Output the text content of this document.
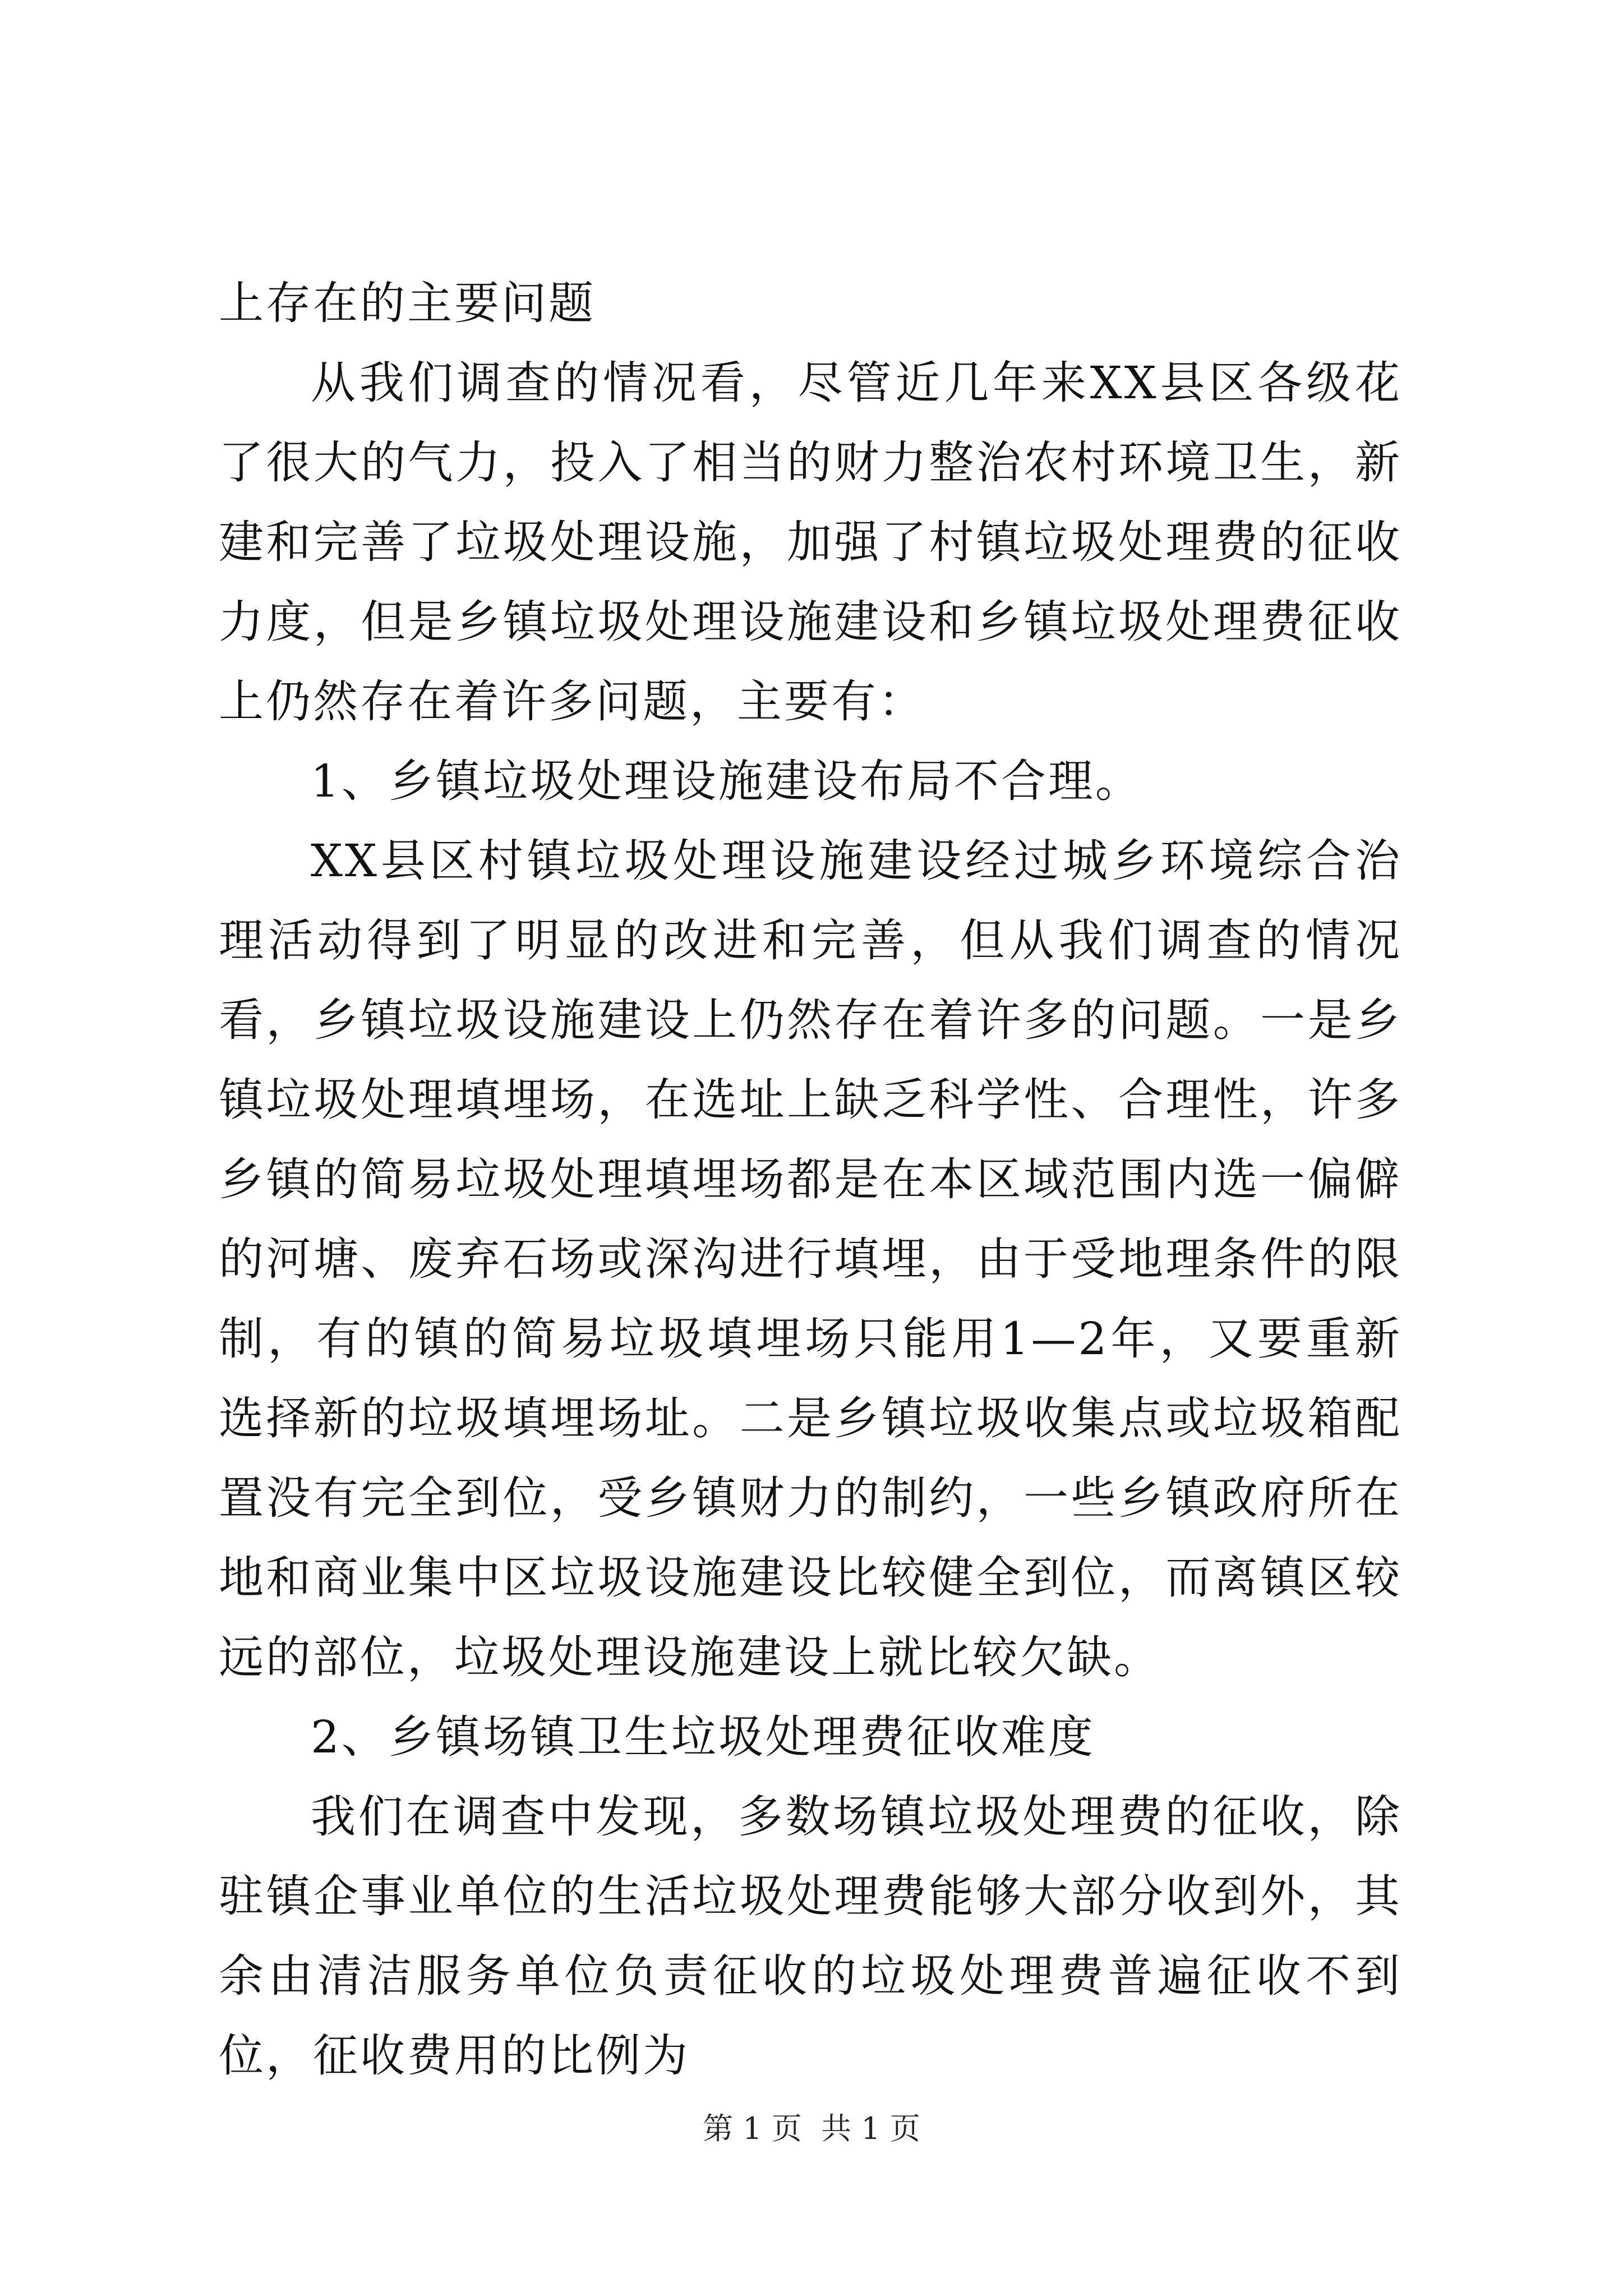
上存在的主要问题

从我们调查的情况看，尽管近几年来XX县区各级花了很大的气力，投入了相当的财力整治农村环境卫生，新建和完善了垃圾处理设施，加强了村镇垃圾处理费的征收力度，但是乡镇垃圾处理设施建设和乡镇垃圾处理费征收上仍然存在着许多问题，主要有：

1、乡镇垃圾处理设施建设布局不合理。

XX县区村镇垃圾处理设施建设经过城乡环境综合治理活动得到了明显的改进和完善，但从我们调查的情况看，乡镇垃圾设施建设上仍然存在着许多的问题。一是乡镇垃圾处理填埋场，在选址上缺乏科学性、合理性，许多乡镇的简易垃圾处理填埋场都是在本区域范围内选一偏僻的河塘、废弃石场或深沟进行填埋，由于受地理条件的限制，有的镇的简易垃圾填埋场只能用1—2年，又要重新选择新的垃圾填埋场址。二是乡镇垃圾收集点或垃圾箱配置没有完全到位，受乡镇财力的制约，一些乡镇政府所在地和商业集中区垃圾设施建设比较健全到位，而离镇区较远的部位，垃圾处理设施建设上就比较欠缺。

2、乡镇场镇卫生垃圾处理费征收难度

我们在调查中发现，多数场镇垃圾处理费的征收，除驻镇企事业单位的生活垃圾处理费能够大部分收到外，其余由清洁服务单位负责征收的垃圾处理费普遍征收不到位，征收费用的比例为

第 1 页  共 1 页
